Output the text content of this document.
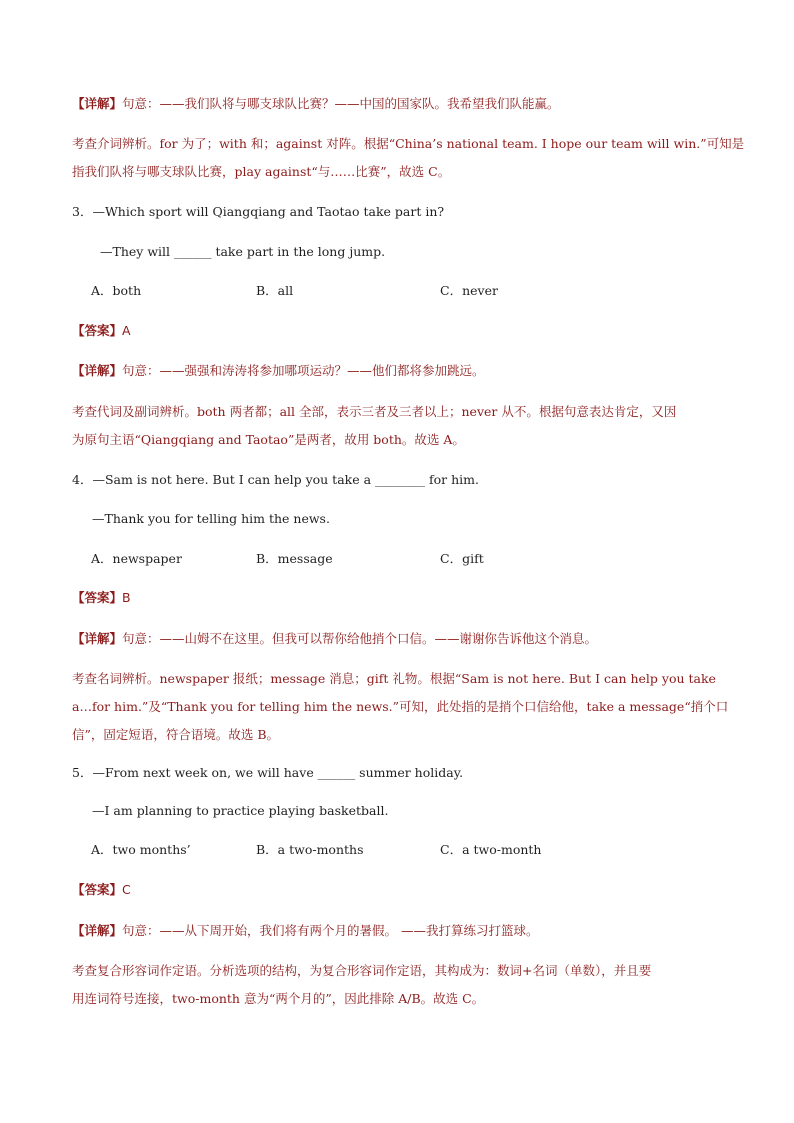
【详解】句意：——我们队将与哪支球队比赛？——中国的国家队。我希望我们队能赢。
考查介词辨析。for 为了；with 和；against 对阵。根据“China’s national team. I hope our team will win.”可知是
指我们队将与哪支球队比赛，play against“与……比赛”，故选 C。
3．—Which sport will Qiangqiang and Taotao take part in?
—They will ______ take part in the long jump.
A．both	B．all	C．never
【答案】A
【详解】句意：——强强和涛涛将参加哪项运动？——他们都将参加跳远。
考查代词及副词辨析。both 两者都；all 全部，表示三者及三者以上；never 从不。根据句意表达肯定，又因
为原句主语“Qiangqiang and Taotao”是两者，故用 both。故选 A。
4．—Sam is not here. But I can help you take a ________ for him.
—Thank you for telling him the news.
A．newspaper	B．message	C．gift
【答案】B
【详解】句意：——山姆不在这里。但我可以帮你给他捎个口信。——谢谢你告诉他这个消息。
考查名词辨析。newspaper 报纸；message 消息；gift 礼物。根据“Sam is not here. But I can help you take
a…for him.”及“Thank you for telling him the news.”可知，此处指的是捎个口信给他，take a message“捎个口
信”，固定短语，符合语境。故选 B。
5．—From next week on, we will have ______ summer holiday.
—I am planning to practice playing basketball.
A．two months’	B．a two-months	C．a two-month
【答案】C
【详解】句意：——从下周开始，我们将有两个月的暑假。 ——我打算练习打篮球。
考查复合形容词作定语。分析选项的结构，为复合形容词作定语，其构成为：数词+名词（单数），并且要
用连词符号连接，two-month 意为“两个月的”，因此排除 A/B。故选 C。
